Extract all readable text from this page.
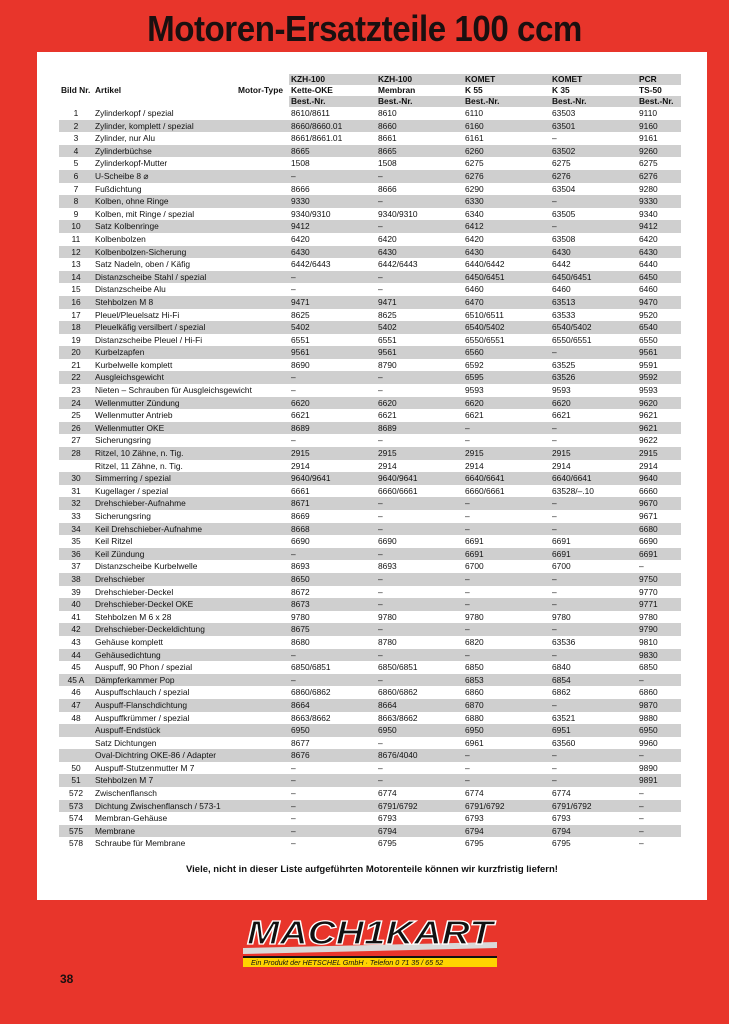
Motoren-Ersatzteile 100 ccm
			KZH-100	KZH-100	KOMET	KOMET	PCR
Bild Nr.	Artikel	Motor-Type	Kette-OKE	Membran	K 55	K 35	TS-50
			Best.-Nr.	Best.-Nr.	Best.-Nr.	Best.-Nr.	Best.-Nr.
1	Zylinderkopf / spezial		8610/8611	8610	6110	63503	9110
2	Zylinder, komplett / spezial		8660/8660.01	8660	6160	63501	9160
3	Zylinder, nur Alu		8661/8661.01	8661	6161	–	9161
4	Zylinderbüchse		8665	8665	6260	63502	9260
5	Zylinderkopf-Mutter		1508	1508	6275	6275	6275
6	U-Scheibe 8 ⌀		–	–	6276	6276	6276
7	Fußdichtung		8666	8666	6290	63504	9280
8	Kolben, ohne Ringe		9330	–	6330	–	9330
9	Kolben, mit Ringe / spezial		9340/9310	9340/9310	6340	63505	9340
10	Satz Kolbenringe		9412	–	6412	–	9412
11	Kolbenbolzen		6420	6420	6420	63508	6420
12	Kolbenbolzen-Sicherung		6430	6430	6430	6430	6430
13	Satz Nadeln, oben / Käfig		6442/6443	6442/6443	6440/6442	6442	6440
14	Distanzscheibe Stahl / spezial		–	–	6450/6451	6450/6451	6450
15	Distanzscheibe Alu		–	–	6460	6460	6460
16	Stehbolzen M 8		9471	9471	6470	63513	9470
17	Pleuel/Pleuelsatz Hi-Fi		8625	8625	6510/6511	63533	9520
18	Pleuelkäfig versilbert / spezial		5402	5402	6540/5402	6540/5402	6540
19	Distanzscheibe Pleuel / Hi-Fi		6551	6551	6550/6551	6550/6551	6550
20	Kurbelzapfen		9561	9561	6560	–	9561
21	Kurbelwelle komplett		8690	8790	6592	63525	9591
22	Ausgleichsgewicht		–	–	6595	63526	9592
23	Nieten – Schrauben für Ausgleichsgewicht		–	–	9593	9593	9593
24	Wellenmutter Zündung		6620	6620	6620	6620	9620
25	Wellenmutter Antrieb		6621	6621	6621	6621	9621
26	Wellenmutter OKE		8689	8689	–	–	9621
27	Sicherungsring		–	–	–	–	9622
28	Ritzel, 10 Zähne, n. Tig.		2915	2915	2915	2915	2915
	Ritzel, 11 Zähne, n. Tig.		2914	2914	2914	2914	2914
30	Simmerring / spezial		9640/9641	9640/9641	6640/6641	6640/6641	9640
31	Kugellager / spezial		6661	6660/6661	6660/6661	63528/–.10	6660
32	Drehschieber-Aufnahme		8671	–	–	–	9670
33	Sicherungsring		8669	–	–	–	9671
34	Keil Drehschieber-Aufnahme		8668	–	–	–	6680
35	Keil Ritzel		6690	6690	6691	6691	6690
36	Keil Zündung		–	–	6691	6691	6691
37	Distanzscheibe Kurbelwelle		8693	8693	6700	6700	–
38	Drehschieber		8650	–	–	–	9750
39	Drehschieber-Deckel		8672	–	–	–	9770
40	Drehschieber-Deckel OKE		8673	–	–	–	9771
41	Stehbolzen M 6 x 28		9780	9780	9780	9780	9780
42	Drehschieber-Deckeldichtung		8675	–	–	–	9790
43	Gehäuse komplett		8680	8780	6820	63536	9810
44	Gehäusedichtung		–	–	–	–	9830
45	Auspuff, 90 Phon / spezial		6850/6851	6850/6851	6850	6840	6850
45 A	Dämpferkammer Pop		–	–	6853	6854	–
46	Auspuffschlauch / spezial		6860/6862	6860/6862	6860	6862	6860
47	Auspuff-Flanschdichtung		8664	8664	6870	–	9870
48	Auspuffkrümmer / spezial		8663/8662	8663/8662	6880	63521	9880
	Auspuff-Endstück		6950	6950	6950	6951	6950
	Satz Dichtungen		8677	–	6961	63560	9960
	Oval-Dichtring OKE-86 / Adapter		8676	8676/4040	–	–	–
50	Auspuff-Stutzenmutter M 7		–	–	–	–	9890
51	Stehbolzen M 7		–	–	–	–	9891
572	Zwischenflansch		–	6774	6774	6774	–
573	Dichtung Zwischenflansch / 573-1		–	6791/6792	6791/6792	6791/6792	–
574	Membran-Gehäuse		–	6793	6793	6793	–
575	Membrane		–	6794	6794	6794	–
578	Schraube für Membrane		–	6795	6795	6795	–
Viele, nicht in dieser Liste aufgeführten Motorenteile können wir kurzfristig liefern!
MACH1KART
Ein Produkt der HETSCHEL GmbH · Telefon 0 71 35 / 65 52
38
